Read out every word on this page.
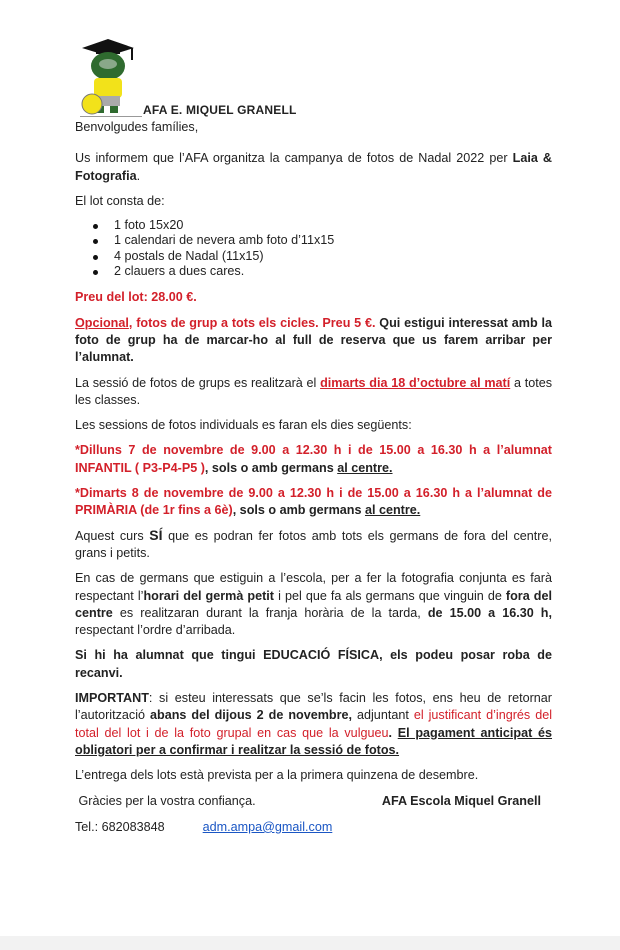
AFA E. MIQUEL GRANELL
Benvolgudes famílies,
Us informem que l’AFA organitza la campanya de fotos de Nadal 2022 per Laia & Fotografia.
El lot consta de:
1 foto 15x20
1 calendari de nevera amb foto d’11x15
4 postals de Nadal (11x15)
2 clauers a dues cares.
Preu del lot: 28.00 €.
Opcional, fotos de grup a tots els cicles. Preu 5 €. Qui estigui interessat amb la foto de grup ha de marcar-ho al full de reserva que us farem arribar per l’alumnat.
La sessió de fotos de grups es realitzarà el dimarts dia 18 d’octubre al matí a totes les classes.
Les sessions de fotos individuals es faran els dies següents:
*Dilluns 7 de novembre de 9.00 a 12.30 h i de 15.00 a 16.30 h a l’alumnat INFANTIL ( P3-P4-P5 ), sols o amb germans al centre.
*Dimarts 8 de novembre de 9.00 a 12.30 h i de 15.00 a 16.30 h a l’alumnat de PRIMÀRIA (de 1r fins a 6è), sols o amb germans al centre.
Aquest curs SÍ que es podran fer fotos amb tots els germans de fora del centre, grans i petits.
En cas de germans que estiguin a l’escola, per a fer la fotografia conjunta es farà respectant l’horari del germà petit i pel que fa als germans que vinguin de fora del centre es realitzaran durant la franja horària de la tarda, de 15.00 a 16.30 h, respectant l’ordre d’arribada.
Si hi ha alumnat que tingui EDUCACIÓ FÍSICA, els podeu posar roba de recanvi.
IMPORTANT: si esteu interessats que se’ls facin les fotos, ens heu de retornar l’autorització abans del dijous 2 de novembre, adjuntant el justificant d’ingrés del total del lot i de la foto grupal en cas que la vulgueu. El pagament anticipat és obligatori per a confirmar i realitzar la sessió de fotos.
L’entrega dels lots està prevista per a la primera quinzena de desembre.
Gràcies per la vostra confiança.	AFA Escola Miquel Granell
Tel.: 682083848	adm.ampa@gmail.com
